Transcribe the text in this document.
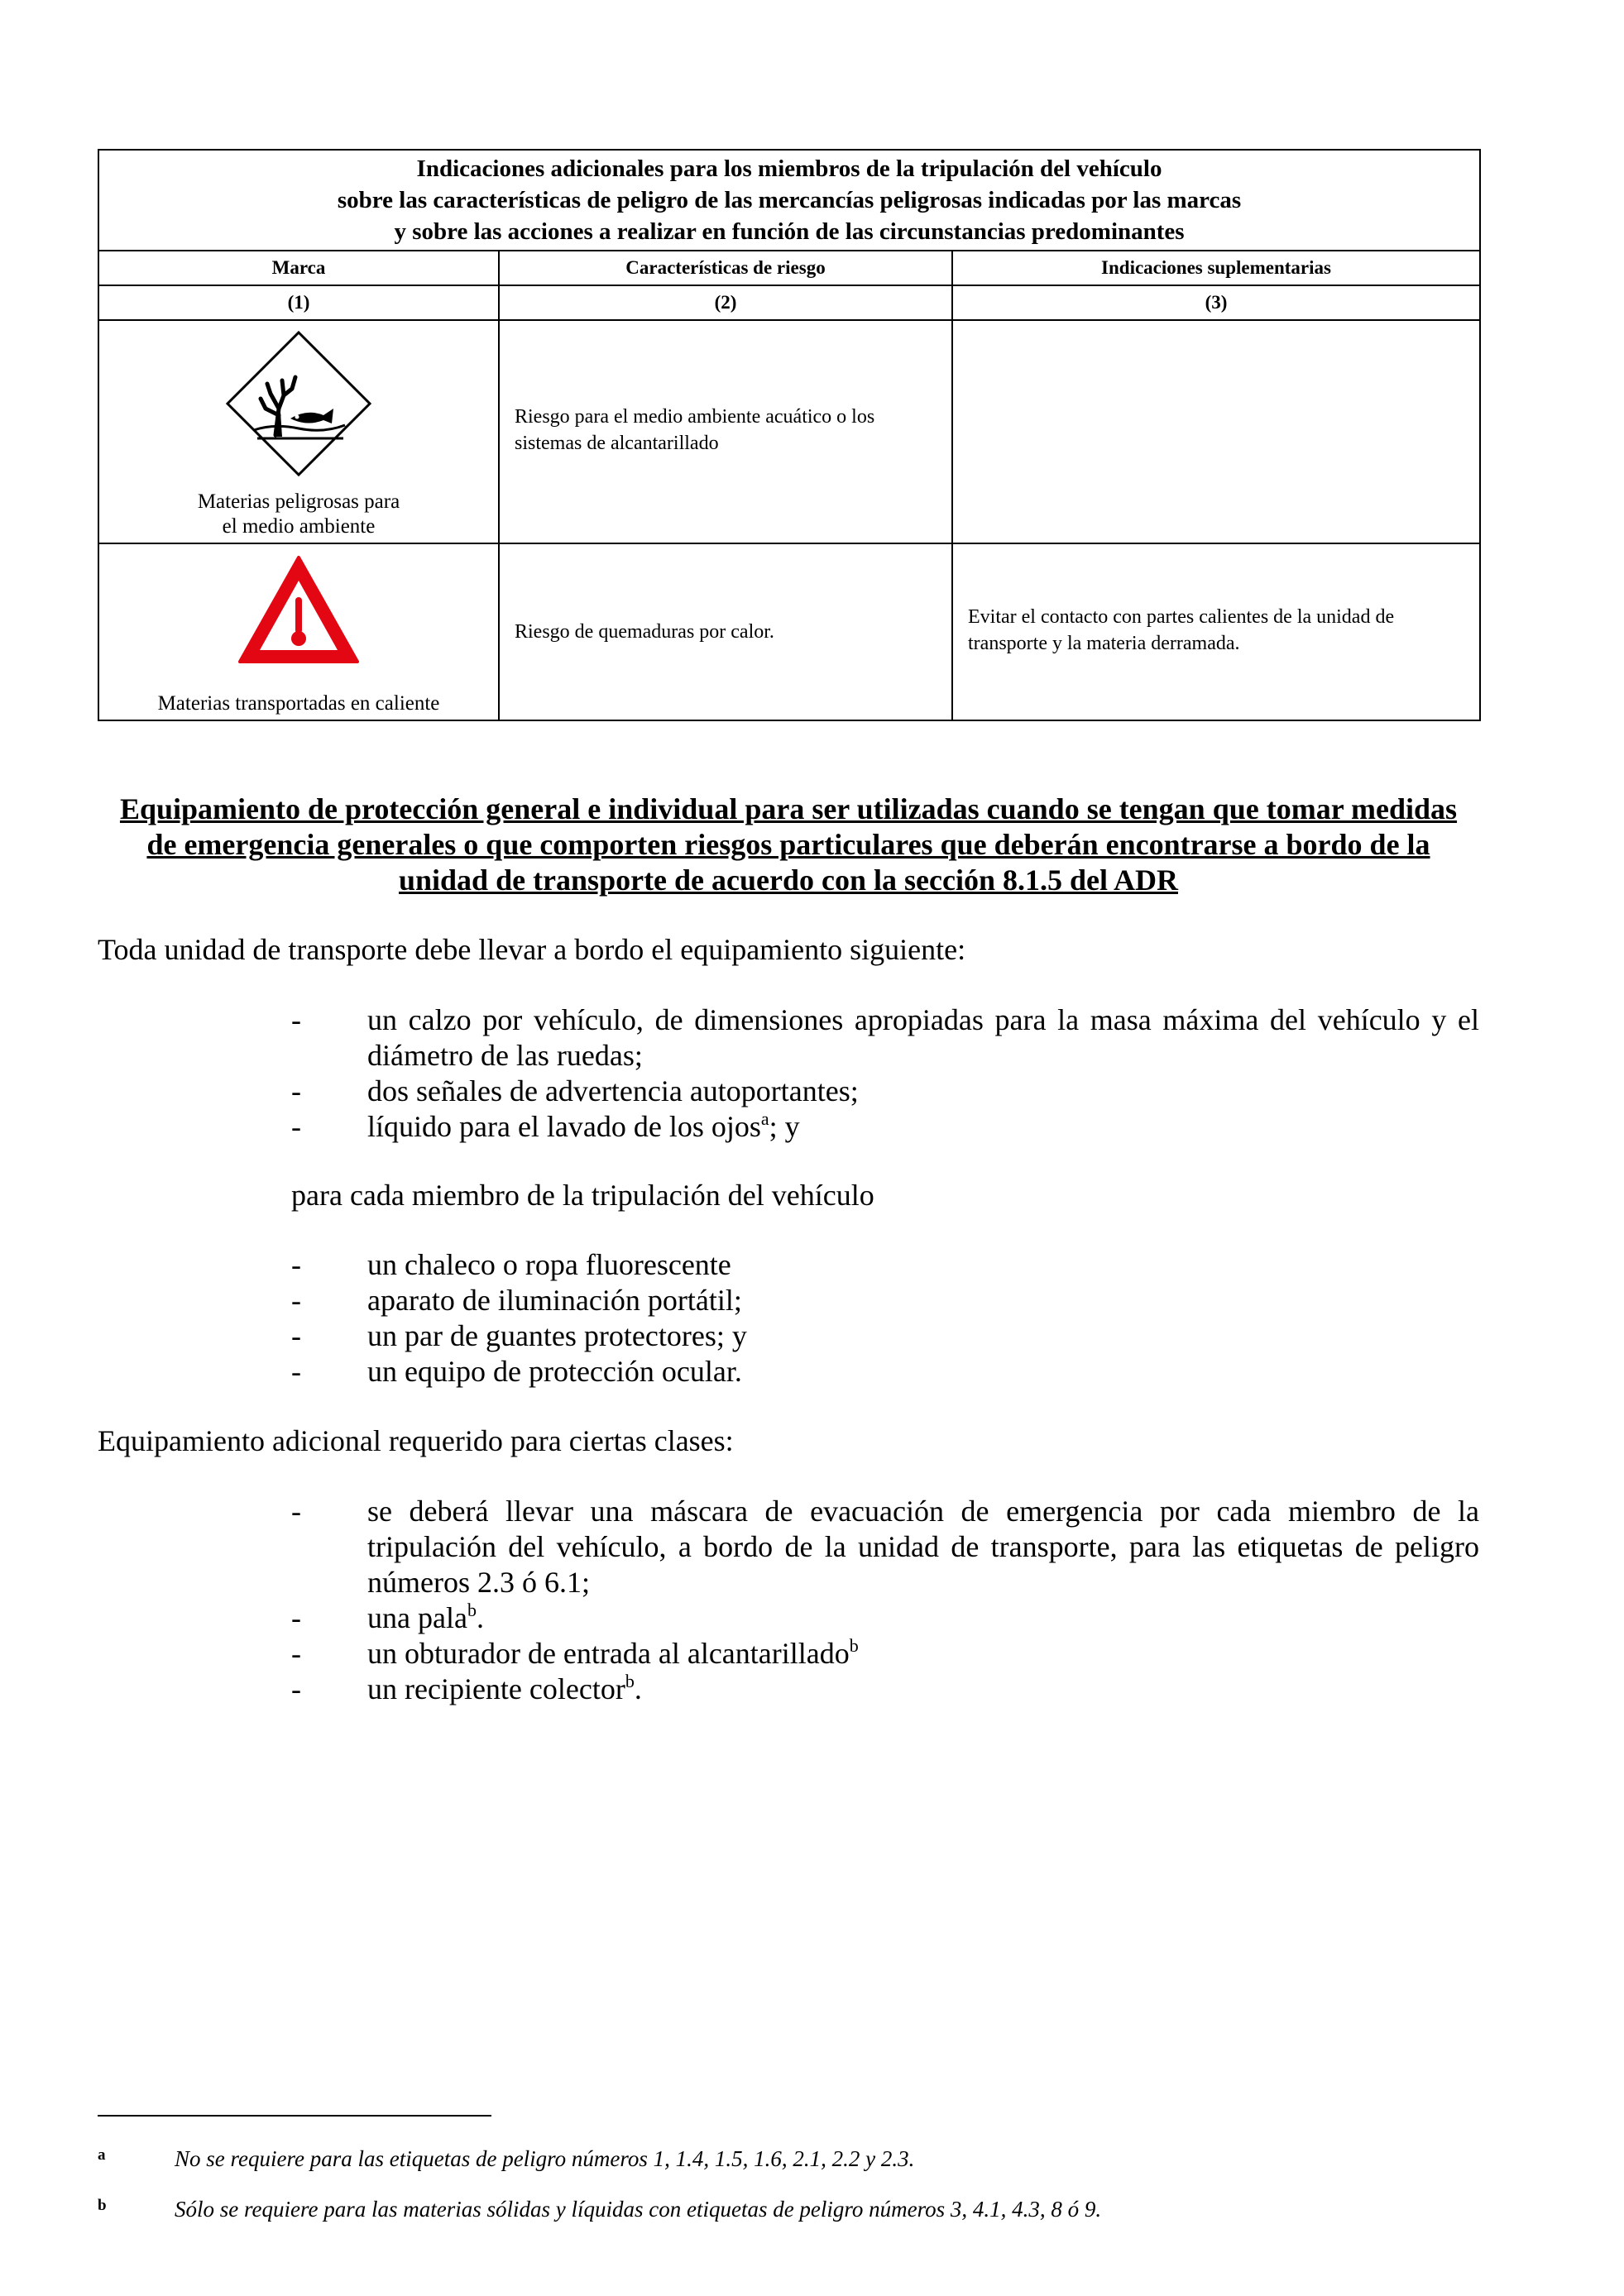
Indicaciones adicionales para los miembros de la tripulación del vehículo
sobre las características de peligro de las mercancías peligrosas indicadas por las marcas
y sobre las acciones a realizar en función de las circunstancias predominantes		

Marca	Características de riesgo	Indicaciones suplementarias
(1)	(2)	(3)

Materias peligrosas para
el medio ambiente	Riesgo para el medio ambiente acuático o los
sistemas de alcantarillado	

Materias transportadas en caliente	Riesgo de quemaduras por calor.	Evitar el contacto con partes calientes de la unidad de
transporte y la materia derramada.
Equipamiento de protección general e individual para ser utilizadas cuando se tengan que tomar medidas
de emergencia generales o que comporten riesgos particulares que deberán encontrarse a bordo de la
unidad de transporte de acuerdo con la sección 8.1.5 del ADR
Toda unidad de transporte debe llevar a bordo el equipamiento siguiente:
- un calzo por vehículo, de dimensiones apropiadas para la masa máxima del vehículo y el diámetro de las ruedas;
- dos señales de advertencia autoportantes;
- líquido para el lavado de los ojos$^a$; y
para cada miembro de la tripulación del vehículo
- un chaleco o ropa fluorescente
- aparato de iluminación portátil;
- un par de guantes protectores; y
- un equipo de protección ocular.
Equipamiento adicional requerido para ciertas clases:
- se deberá llevar una máscara de evacuación de emergencia por cada miembro de la tripulación del vehículo, a bordo de la unidad de transporte, para las etiquetas de peligro números 2.3 ó 6.1;
- una pala$^b$.
- un obturador de entrada al alcantarillado$^b$
- un recipiente colector$^b$.
a	No se requiere para las etiquetas de peligro números 1, 1.4, 1.5, 1.6, 2.1, 2.2 y 2.3.
b	Sólo se requiere para las materias sólidas y líquidas con etiquetas de peligro números 3, 4.1, 4.3, 8 ó 9.
